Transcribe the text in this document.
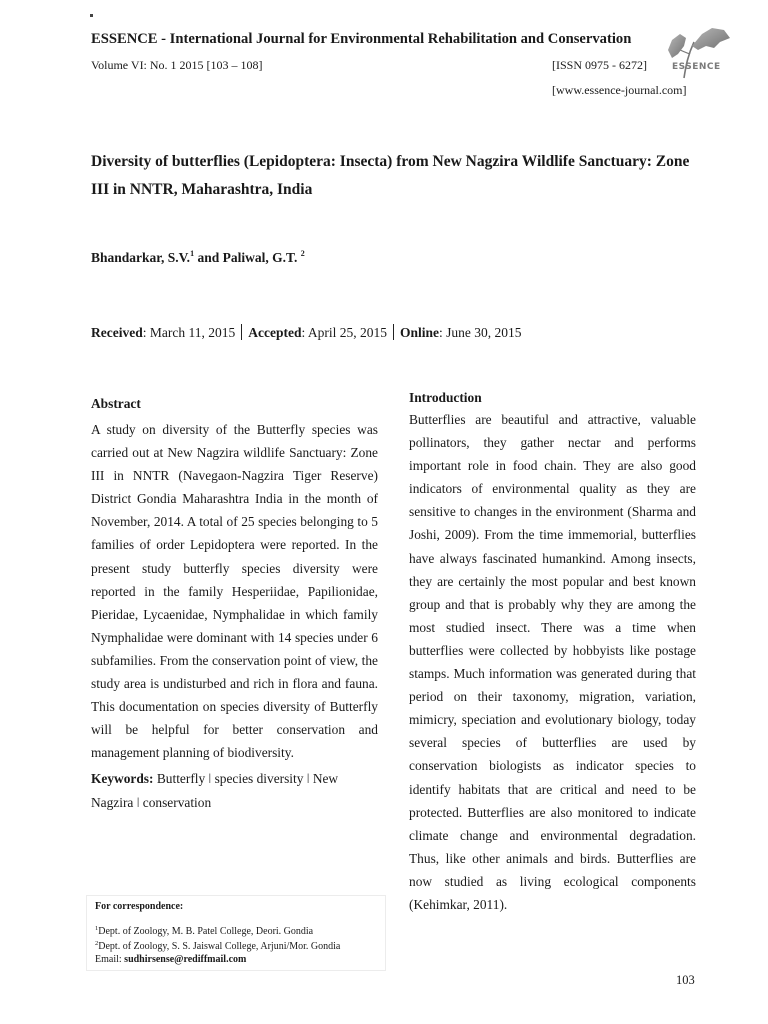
ESSENCE - International Journal for Environmental Rehabilitation and Conservation
Volume VI: No. 1 2015 [103 – 108]	[ISSN 0975 - 6272]
[www.essence-journal.com]
ESSENCE
Diversity of butterflies (Lepidoptera: Insecta) from New Nagzira Wildlife Sanctuary: Zone III in NNTR, Maharashtra, India
Bhandarkar, S.V.$^1$ and Paliwal, G.T. $^2$
Received: March 11, 2015 Accepted: April 25, 2015 Online: June 30, 2015
Abstract
A study on diversity of the Butterfly species was carried out at New Nagzira wildlife Sanctuary: Zone III in NNTR (Navegaon-Nagzira Tiger Reserve) District Gondia Maharashtra India in the month of November, 2014. A total of 25 species belonging to 5 families of order Lepidoptera were reported. In the present study butterfly species diversity were reported in the family Hesperiidae, Papilionidae, Pieridae, Lycaenidae, Nymphalidae in which family Nymphalidae were dominant with 14 species under 6 subfamilies. From the conservation point of view, the study area is undisturbed and rich in flora and fauna. This documentation on species diversity of Butterfly will be helpful for better conservation and management planning of biodiversity.
Keywords: Butterfly ǀ species diversity ǀ New Nagzira ǀ conservation
For correspondence:
$^1$Dept. of Zoology, M. B. Patel College, Deori. Gondia
$^2$Dept. of Zoology, S. S. Jaiswal College, Arjuni/Mor. Gondia
Email: sudhirsense@rediffmail.com
Introduction
Butterflies are beautiful and attractive, valuable pollinators, they gather nectar and performs important role in food chain. They are also good indicators of environmental quality as they are sensitive to changes in the environment (Sharma and Joshi, 2009). From the time immemorial, butterflies have always fascinated humankind. Among insects, they are certainly the most popular and best known group and that is probably why they are among the most studied insect. There was a time when butterflies were collected by hobbyists like postage stamps. Much information was generated during that period on their taxonomy, migration, variation, mimicry, speciation and evolutionary biology, today several species of butterflies are used by conservation biologists as indicator species to identify habitats that are critical and need to be protected. Butterflies are also monitored to indicate climate change and environmental degradation. Thus, like other animals and birds. Butterflies are now studied as living ecological components (Kehimkar, 2011).
103
